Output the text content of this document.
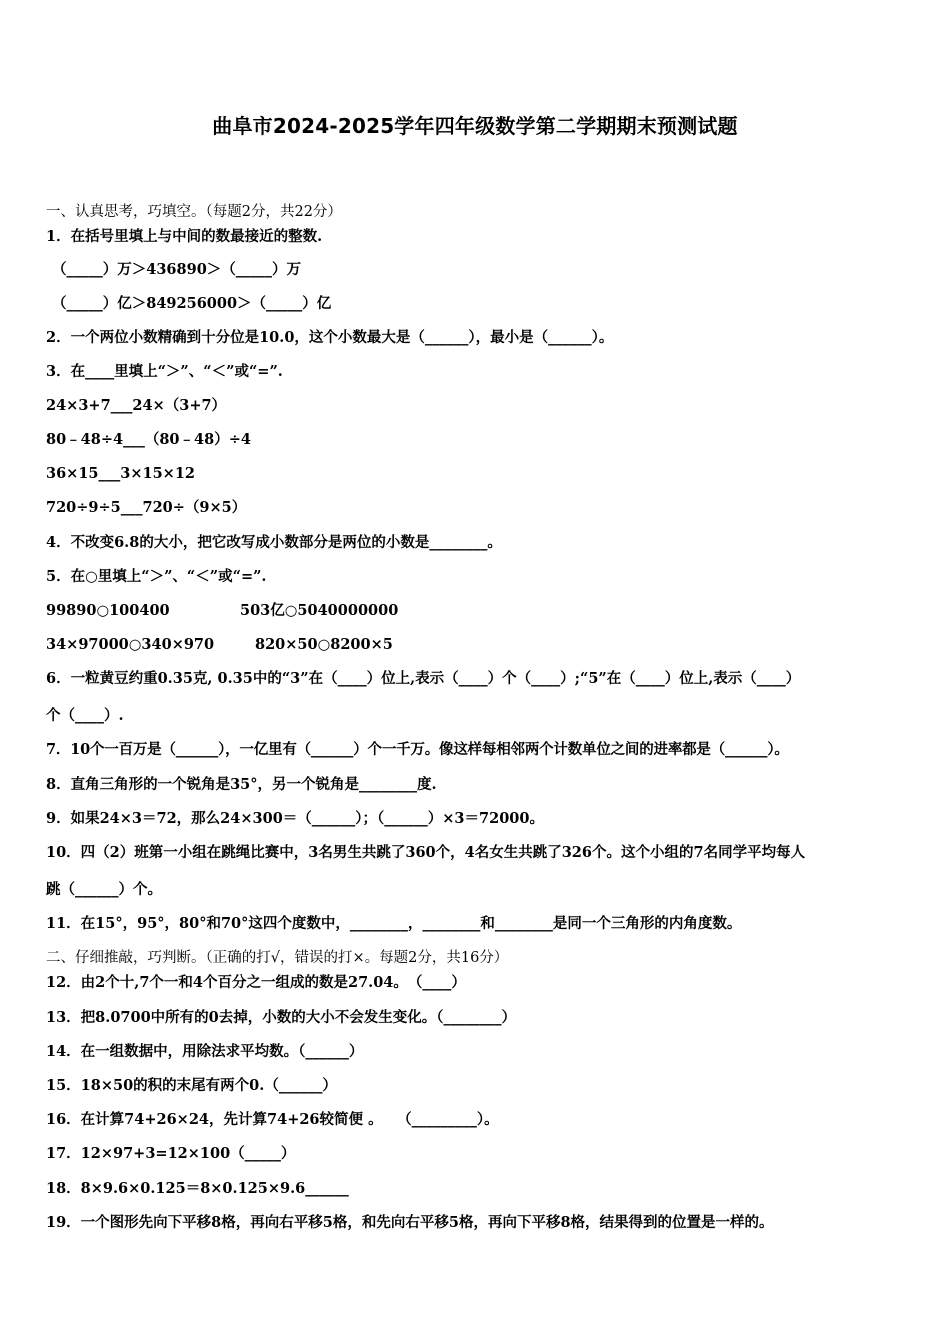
曲阜市2024-2025学年四年级数学第二学期期末预测试题
一、认真思考，巧填空。（每题2分，共22分）
1．在括号里填上与中间的数最接近的整数.
（_____）万＞436890＞（_____）万
（_____）亿＞849256000＞（_____）亿
2．一个两位小数精确到十分位是10.0，这个小数最大是（______），最小是（______）。
3．在____里填上“＞”、“＜”或“=”.
24×3+7___24×（3+7）
80﹣48÷4___（80﹣48）÷4
36×15___3×15×12
720÷9÷5___720÷（9×5）
4．不改变6.8的大小，把它改写成小数部分是两位的小数是________。
5．在○里填上“＞”、“＜”或“=”.
99890○100400	503亿○5040000000
34×97000○340×970	820×50○8200×5
6．一粒黄豆约重0.35克, 0.35中的“3”在（____）位上,表示（____）个（____）;“5”在（____）位上,表示（____）
个（____）.
7．10个一百万是（______），一亿里有（______）个一千万。像这样每相邻两个计数单位之间的进率都是（______）。
8．直角三角形的一个锐角是35°，另一个锐角是________度.
9．如果24×3＝72，那么24×300＝（______）；（______）×3＝72000。
10．四（2）班第一小组在跳绳比赛中，3名男生共跳了360个，4名女生共跳了326个。这个小组的7名同学平均每人
跳（______）个。
11．在15°，95°，80°和70°这四个度数中，________，________和________是同一个三角形的内角度数。
二、仔细推敲，巧判断。（正确的打√，错误的打×。每题2分，共16分）
12．由2个十,7个一和4个百分之一组成的数是27.04。　（____）
13．把8.0700中所有的0去掉，小数的大小不会发生变化。（________）
14．在一组数据中，用除法求平均数。（______）
15．18×50的积的末尾有两个0.（______）
16．在计算74+26×24，先计算74+26较简便 。　　（_________）。
17．12×97+3=12×100（_____）
18．8×9.6×0.125＝8×0.125×9.6______
19．一个图形先向下平移8格，再向右平移5格，和先向右平移5格，再向下平移8格，结果得到的位置是一样的。
